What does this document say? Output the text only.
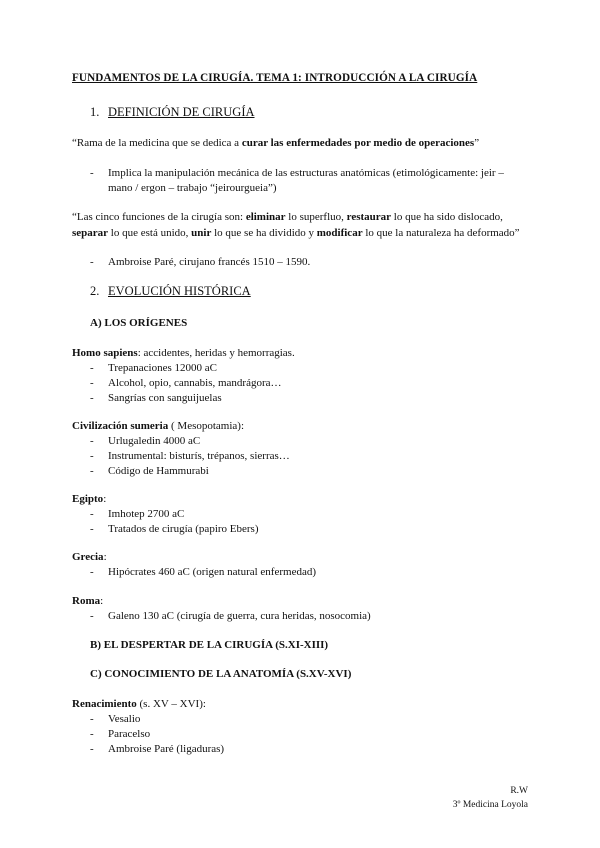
FUNDAMENTOS DE LA CIRUGÍA. TEMA 1: INTRODUCCIÓN A LA CIRUGÍA
1. DEFINICIÓN DE CIRUGÍA
“Rama de la medicina que se dedica a curar las enfermedades por medio de operaciones”
- Implica la manipulación mecánica de las estructuras anatómicas (etimológicamente: jeir –
mano / ergon – trabajo “jeirourgueia”)
“Las cinco funciones de la cirugía son: eliminar lo superfluo, restaurar lo que ha sido dislocado,
separar lo que está unido, unir lo que se ha dividido y modificar lo que la naturaleza ha deformado”
- Ambroise Paré, cirujano francés 1510 – 1590.
2. EVOLUCIÓN HISTÓRICA
A) LOS ORÍGENES
Homo sapiens: accidentes, heridas y hemorragias.
- Trepanaciones 12000 aC
- Alcohol, opio, cannabis, mandrágora…
- Sangrías con sanguijuelas
Civilización sumeria ( Mesopotamia):
- Urlugaledin 4000 aC
- Instrumental: bisturís, trépanos, sierras…
- Código de Hammurabi
Egipto:
- Imhotep 2700 aC
- Tratados de cirugía (papiro Ebers)
Grecia:
- Hipócrates 460 aC (origen natural enfermedad)
Roma:
- Galeno 130 aC (cirugía de guerra, cura heridas, nosocomia)
B) EL DESPERTAR DE LA CIRUGÍA (S.XI-XIII)
C) CONOCIMIENTO DE LA ANATOMÍA (S.XV-XVI)
Renacimiento (s. XV – XVI):
- Vesalio
- Paracelso
- Ambroise Paré (ligaduras)
R.W
3º Medicina Loyola
